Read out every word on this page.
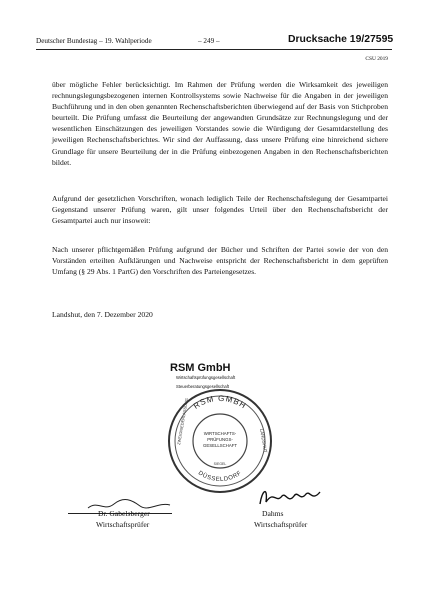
Deutscher Bundestag – 19. Wahlperiode	– 249 –	Drucksache 19/27595
CSU 2019
über mögliche Fehler berücksichtigt. Im Rahmen der Prüfung werden die Wirksamkeit des jeweiligen rechnungslegungsbezogenen internen Kontrollsystems sowie Nachweise für die Angaben in der jeweiligen Buchführung und in den oben genannten Rechenschaftsberichten überwiegend auf der Basis von Stichproben beurteilt. Die Prüfung umfasst die Beurteilung der angewandten Grundsätze zur Rechnungslegung und der wesentlichen Einschätzungen des jeweiligen Vorstandes sowie die Würdigung der Gesamtdarstellung des jeweiligen Rechenschaftsberichtes. Wir sind der Auffassung, dass unsere Prüfung eine hinreichend sichere Grundlage für unsere Beurteilung der in die Prüfung einbezogenen Angaben in den Rechenschaftsberichten bildet.
Aufgrund der gesetzlichen Vorschriften, wonach lediglich Teile der Rechenschaftslegung der Gesamtpartei Gegenstand unserer Prüfung waren, gilt unser folgendes Urteil über den Rechenschaftsbericht der Gesamtpartei auch nur insoweit:
Nach unserer pflichtgemäßen Prüfung aufgrund der Bücher und Schriften der Partei sowie der von den Vorständen erteilten Aufklärungen und Nachweise entspricht der Rechenschaftsbericht in dem geprüften Umfang (§ 29 Abs. 1 PartG) den Vorschriften des Parteiengesetzes.
Landshut, den 7. Dezember 2020
RSM GmbH
Wirtschaftsprüfungsgesellschaft
Steuerberatungsgesellschaft
RSM GMBH
DÜSSELDORF
ZWEIGNIEDERLASSUNG	LANDSHUT
WIRTSCHAFTS-
PRÜFUNGS-
GESELLSCHAFT
SIEGEL
Dr. Gabelsberger	Dahms
Wirtschaftsprüfer	Wirtschaftsprüfer
